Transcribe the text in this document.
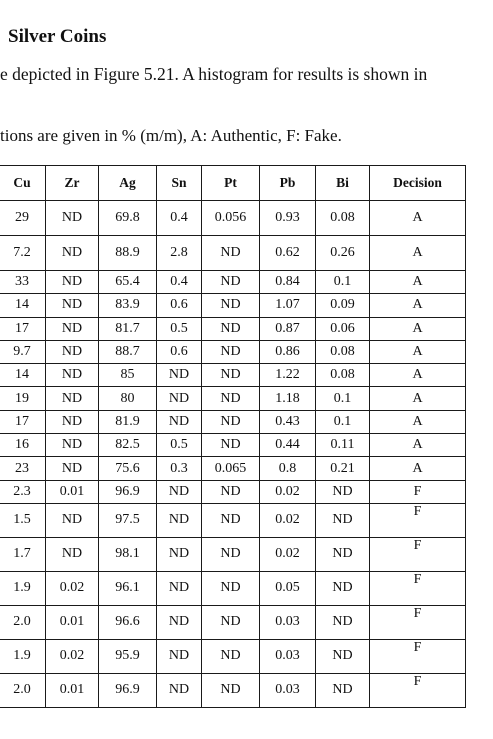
Silver Coins
e depicted in Figure 5.21. A histogram for results is shown in
tions are given in % (m/m), A: Authentic, F: Fake.
Cu	Zr	Ag	Sn	Pt	Pb	Bi	Decision
29	ND	69.8	0.4	0.056	0.93	0.08	A
7.2	ND	88.9	2.8	ND	0.62	0.26	A
33	ND	65.4	0.4	ND	0.84	0.1	A
14	ND	83.9	0.6	ND	1.07	0.09	A
17	ND	81.7	0.5	ND	0.87	0.06	A
9.7	ND	88.7	0.6	ND	0.86	0.08	A
14	ND	85	ND	ND	1.22	0.08	A
19	ND	80	ND	ND	1.18	0.1	A
17	ND	81.9	ND	ND	0.43	0.1	A
16	ND	82.5	0.5	ND	0.44	0.11	A
23	ND	75.6	0.3	0.065	0.8	0.21	A
2.3	0.01	96.9	ND	ND	0.02	ND	F
1.5	ND	97.5	ND	ND	0.02	ND	F
1.7	ND	98.1	ND	ND	0.02	ND	F
1.9	0.02	96.1	ND	ND	0.05	ND	F
2.0	0.01	96.6	ND	ND	0.03	ND	F
1.9	0.02	95.9	ND	ND	0.03	ND	F
2.0	0.01	96.9	ND	ND	0.03	ND	F
